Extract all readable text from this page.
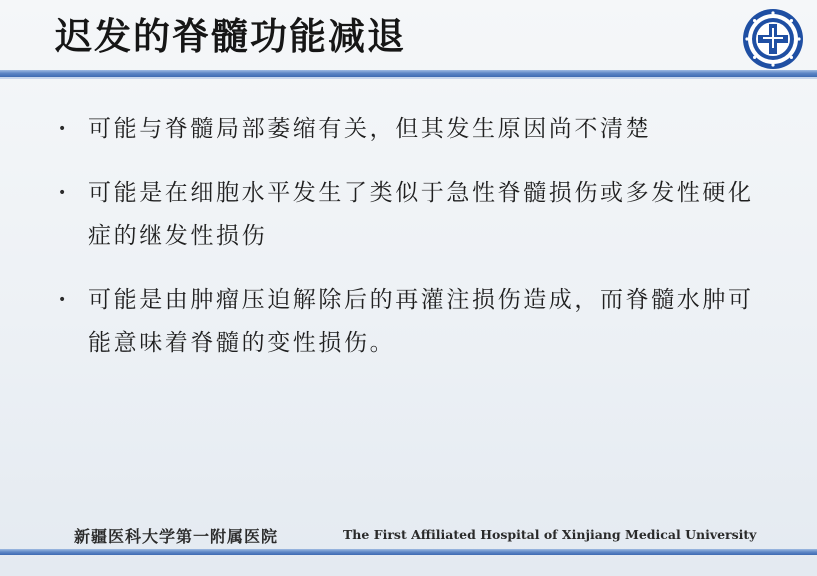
迟发的脊髓功能减退
• 可能与脊髓局部萎缩有关，但其发生原因尚不清楚
• 可能是在细胞水平发生了类似于急性脊髓损伤或多发性硬化症的继发性损伤
• 可能是由肿瘤压迫解除后的再灌注损伤造成，而脊髓水肿可能意味着脊髓的变性损伤。
新疆医科大学第一附属医院	The First Affiliated Hospital of Xinjiang Medical University
